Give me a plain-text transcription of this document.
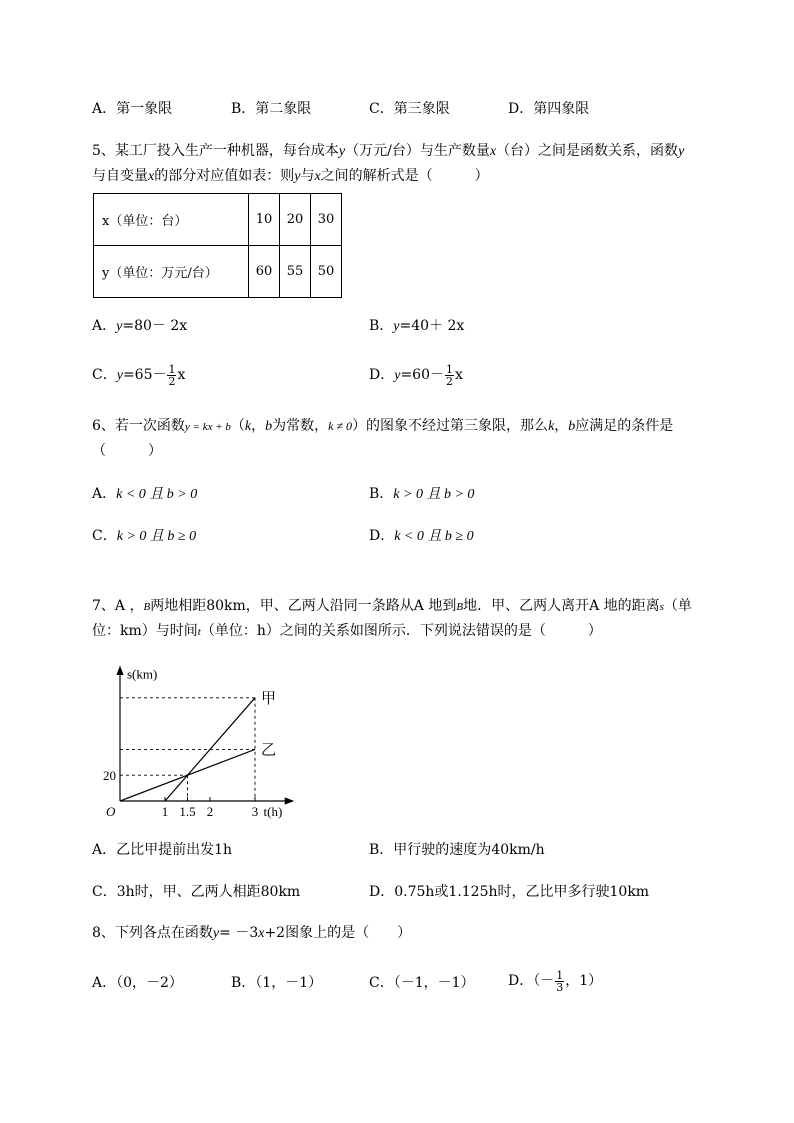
A．第一象限	B．第二象限	C．第三象限	D．第四象限
5、某工厂投入生产一种机器，每台成本y（万元/台）与生产数量x（台）之间是函数关系，函数y
与自变量x的部分对应值如表：则y与x之间的解析式是（　　　）
x（单位：台）	10	20	30
y（单位：万元/台）	60	55	50
A．y=80－ 2x	B．y=40＋ 2x
C．$y=65- \frac{1}{2}$ x	D．$y=60- \frac{1}{2}$ x
6、若一次函数y = kx + b（k，b为常数，k ≠ 0）的图象不经过第三象限，那么k，b应满足的条件是
（　　　）
A．k < 0 且 b > 0	B．k > 0 且 b > 0
C．k > 0 且 b ≥ 0	D．k < 0 且 b ≥ 0
7、A ，B两地相距80km，甲、乙两人沿同一条路从A 地到B地．甲、乙两人离开A 地的距离s（单
位：km）与时间t（单位：h）之间的关系如图所示．下列说法错误的是（　　　）
甲
乙
1 1.5 2	3
20
s(km)
t(h)
O
A．乙比甲提前出发1h	B．甲行驶的速度为40km/h
C．3h时，甲、乙两人相距80km	D．0.75h或1.125h时，乙比甲多行驶10km
8、下列各点在函数y= －3x+2图象上的是（　　）
A．（0，－2）	B．（1，－1）	C．（－1，－1） D．（－ $\frac{1}{3}$ ，1）
